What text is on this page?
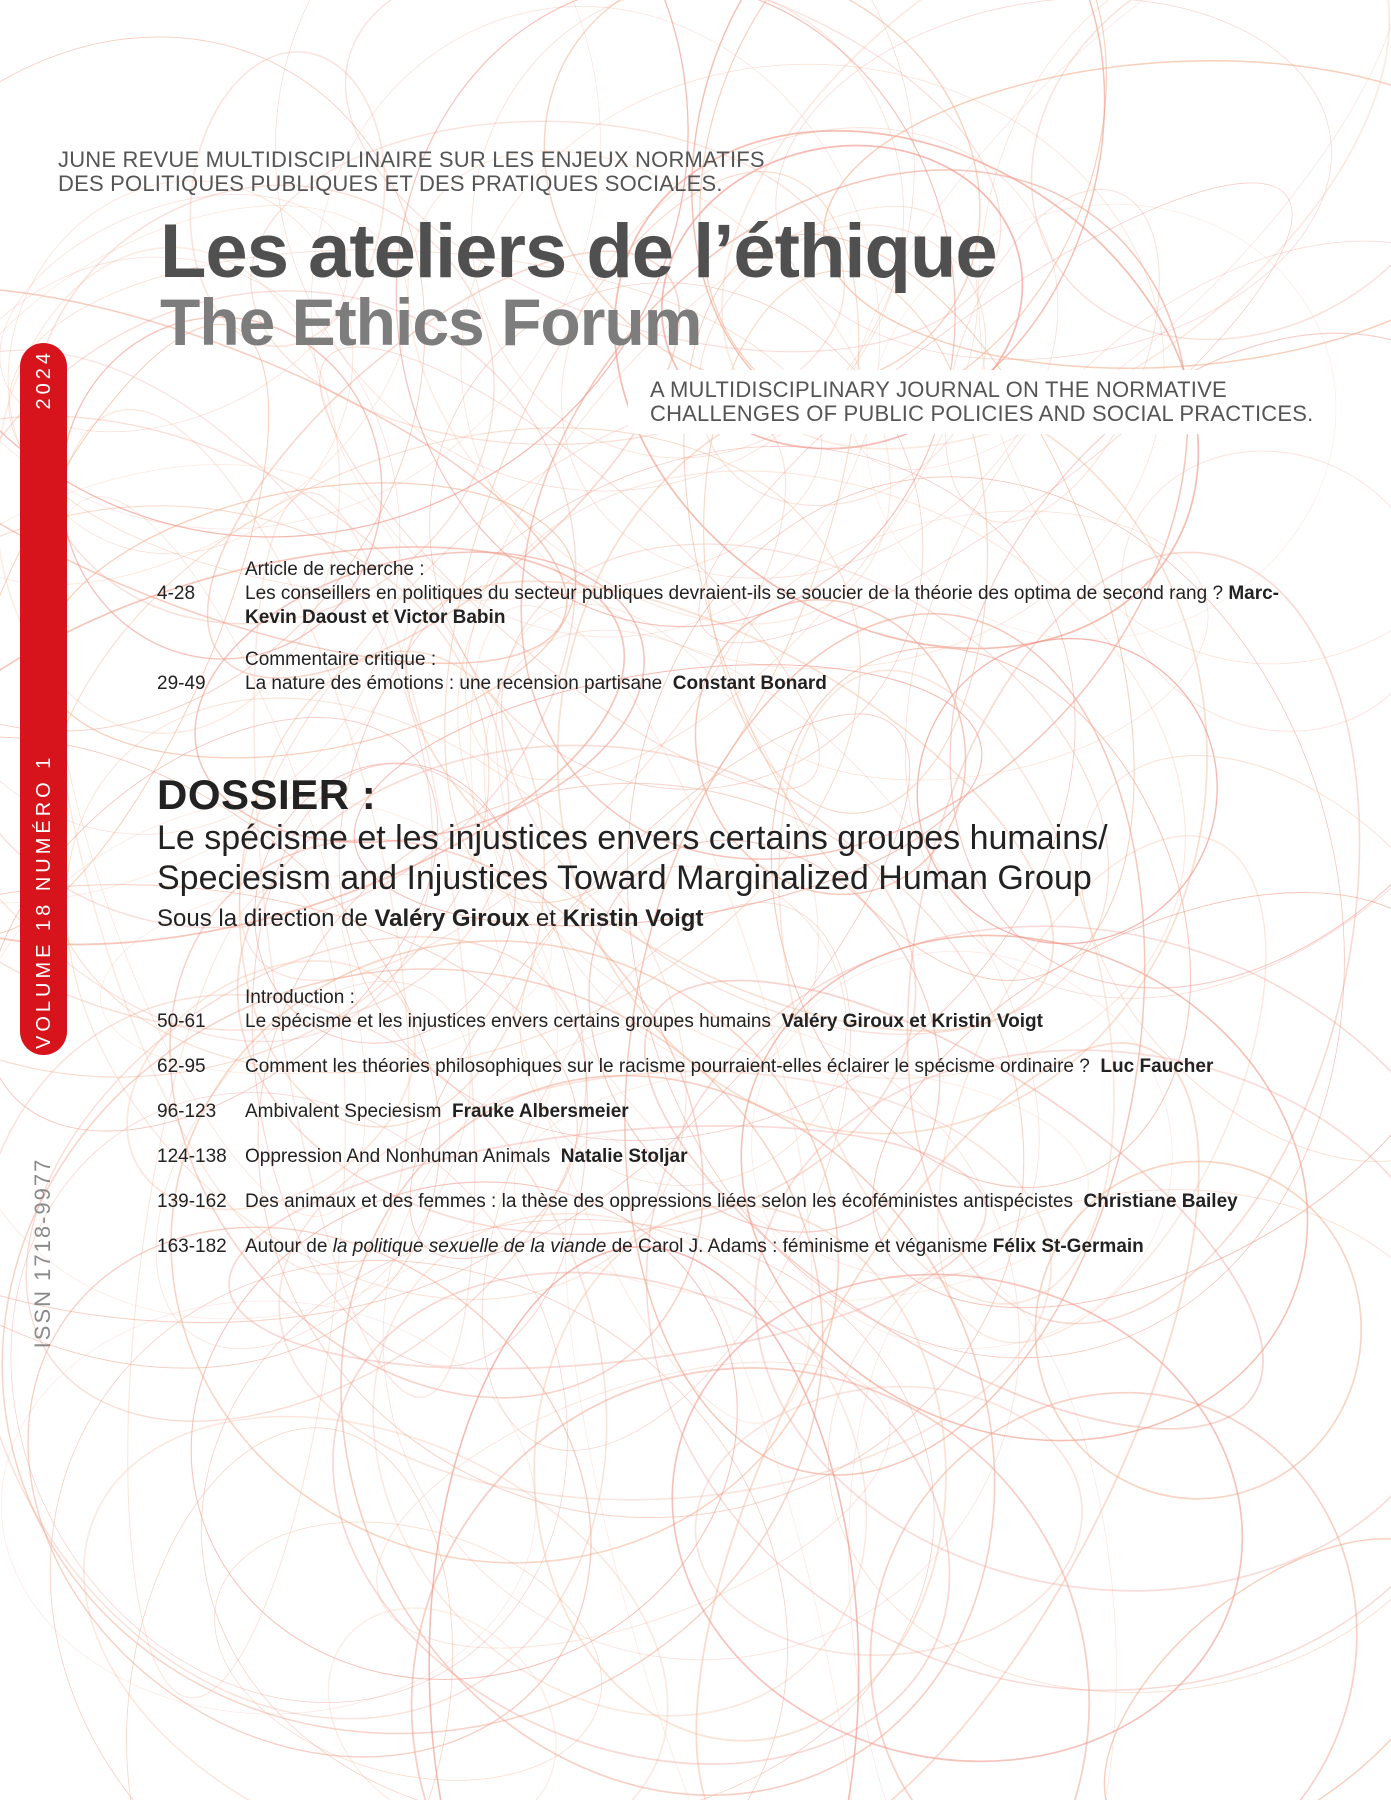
JUNE REVUE MULTIDISCIPLINAIRE SUR LES ENJEUX NORMATIFS
DES POLITIQUES PUBLIQUES ET DES PRATIQUES SOCIALES.
Les ateliers de l’éthique
The Ethics Forum
A MULTIDISCIPLINARY JOURNAL ON THE NORMATIVE
CHALLENGES OF PUBLIC POLICIES AND SOCIAL PRACTICES.
VOLUME 18 NUMÉRO 1
2024
ISSN 1718-9977

4-28
Article de recherche :
Les conseillers en politiques du secteur publiques devraient-ils se soucier de la théorie des optima de second rang ? Marc-Kevin Daoust et Victor Babin

29-49
Commentaire critique :
La nature des émotions : une recension partisane Constant Bonard
DOSSIER :
Le spécisme et les injustices envers certains groupes humains/
Speciesism and Injustices Toward Marginalized Human Group
Sous la direction de Valéry Giroux et Kristin Voigt

50-61
Introduction :
Le spécisme et les injustices envers certains groupes humains Valéry Giroux et Kristin Voigt
62-95	Comment les théories philosophiques sur le racisme pourraient-elles éclairer le spécisme ordinaire ? Luc Faucher
96-123	Ambivalent Speciesism Frauke Albersmeier
124-138 Oppression And Nonhuman Animals Natalie Stoljar
139-162 Des animaux et des femmes : la thèse des oppressions liées selon les écoféministes antispécistes Christiane Bailey
163-182 Autour de la politique sexuelle de la viande de Carol J. Adams : féminisme et véganisme Félix St-Germain
